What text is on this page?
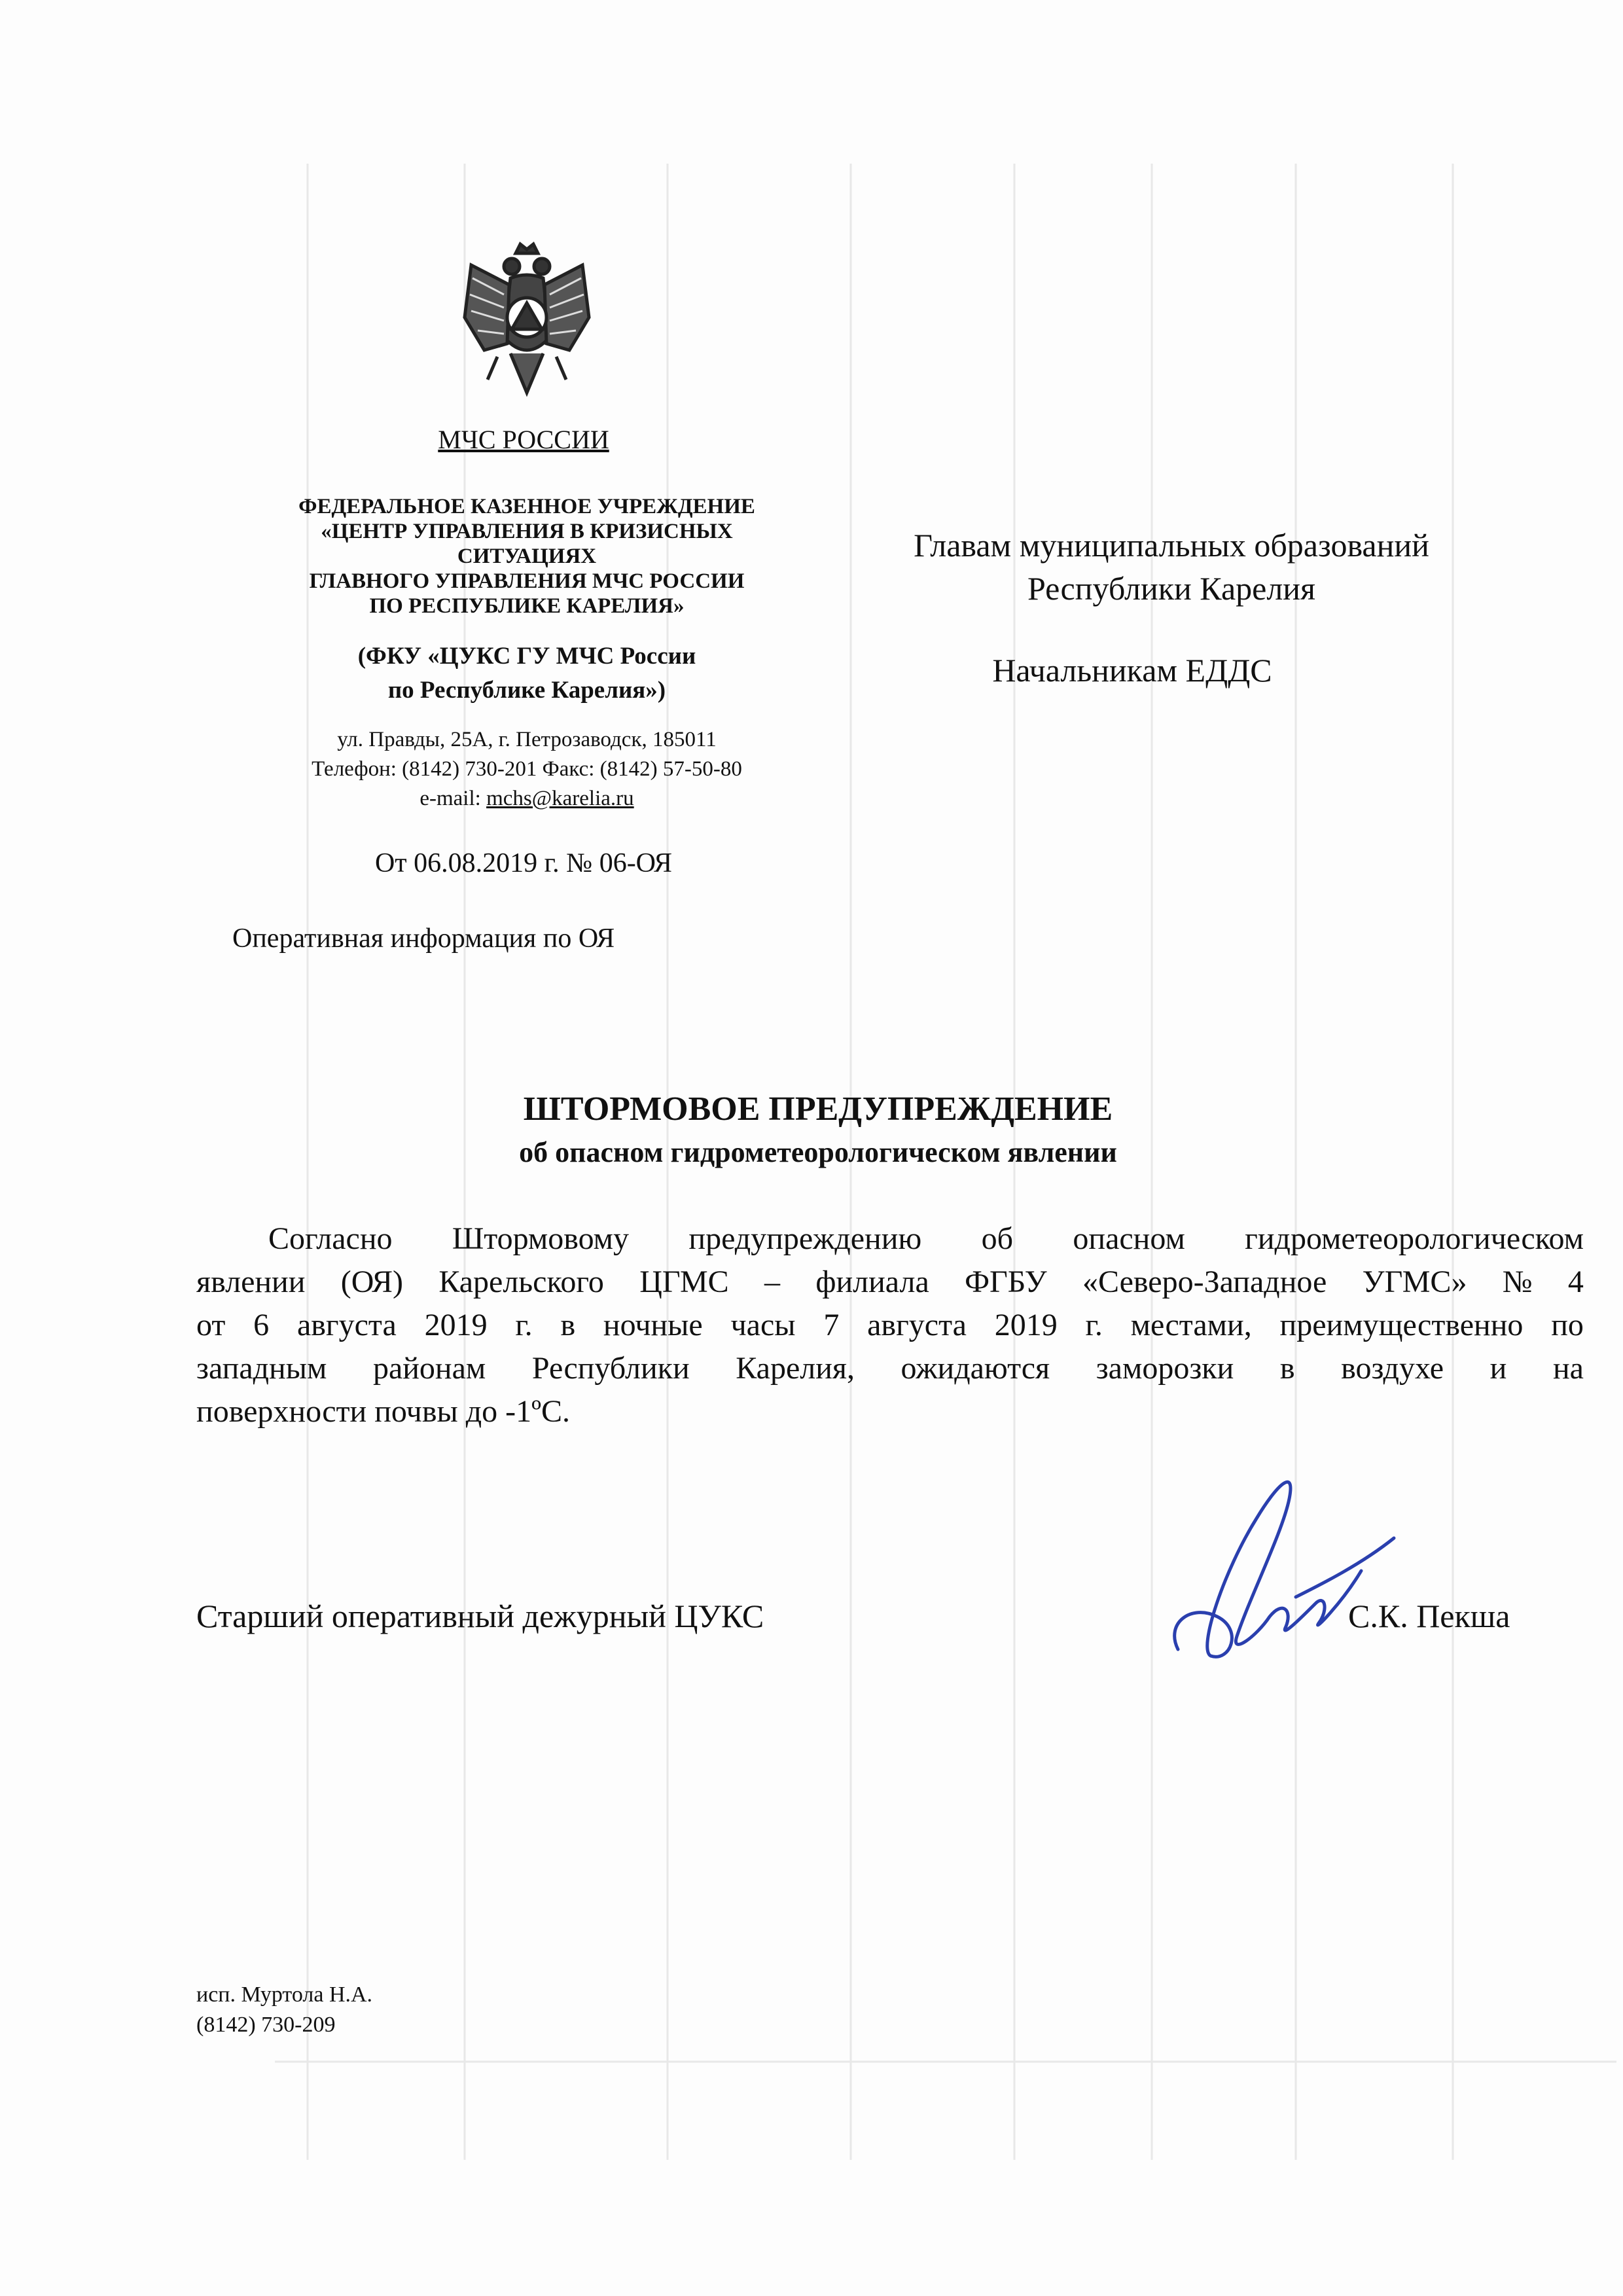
МЧС РОССИИ
ФЕДЕРАЛЬНОЕ КАЗЕННОЕ УЧРЕЖДЕНИЕ
«ЦЕНТР УПРАВЛЕНИЯ В КРИЗИСНЫХ
СИТУАЦИЯХ
ГЛАВНОГО УПРАВЛЕНИЯ МЧС РОССИИ
ПО РЕСПУБЛИКЕ КАРЕЛИЯ»
(ФКУ «ЦУКС ГУ МЧС России
по Республике Карелия»)
ул. Правды, 25А, г. Петрозаводск, 185011
Телефон: (8142) 730-201 Факс: (8142) 57-50-80
e-mail: mchs@karelia.ru
От 06.08.2019 г. № 06-ОЯ
Оперативная информация по ОЯ
Главам муниципальных образований
Республики Карелия
Начальникам ЕДДС
ШТОРМОВОЕ ПРЕДУПРЕЖДЕНИЕ
об опасном гидрометеорологическом явлении
Согласно Штормовому предупреждению об опасном гидрометеорологическом
явлении (ОЯ) Карельского ЦГМС – филиала ФГБУ «Северо-Западное УГМС» № 4
от 6 августа 2019 г. в ночные часы 7 августа 2019 г. местами, преимущественно по
западным районам Республики Карелия, ожидаются заморозки в воздухе и на
поверхности почвы до -1ºС.
Старший оперативный дежурный ЦУКС	С.К. Пекша
исп. Муртола Н.А.
(8142) 730-209
